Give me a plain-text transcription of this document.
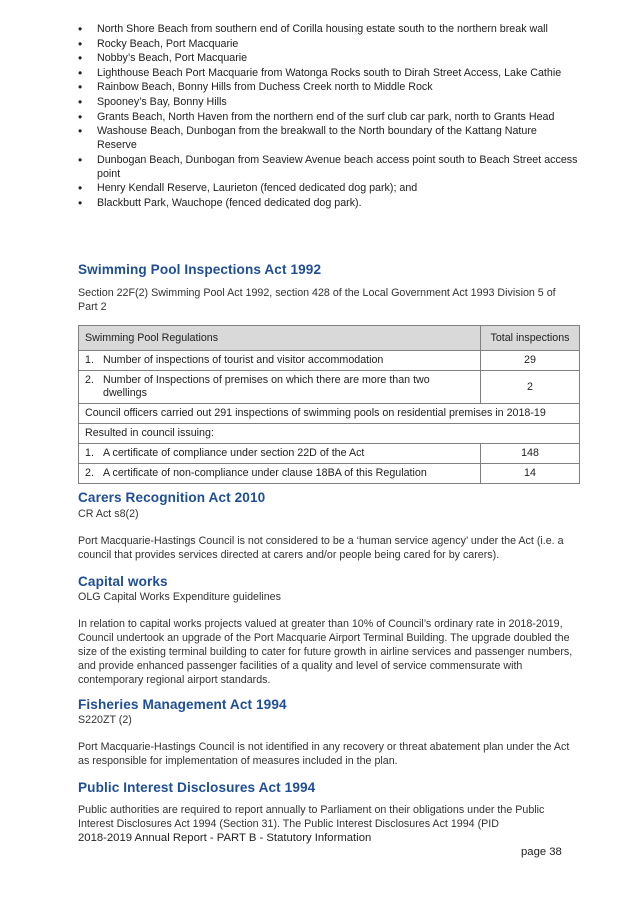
• North Shore Beach from southern end of Corilla housing estate south to the northern break wall
• Rocky Beach, Port Macquarie
• Nobby’s Beach, Port Macquarie
• Lighthouse Beach Port Macquarie from Watonga Rocks south to Dirah Street Access, Lake Cathie
• Rainbow Beach, Bonny Hills from Duchess Creek north to Middle Rock
• Spooney’s Bay, Bonny Hills
• Grants Beach, North Haven from the northern end of the surf club car park, north to Grants Head
• Washouse Beach, Dunbogan from the breakwall to the North boundary of the Kattang Nature Reserve
• Dunbogan Beach, Dunbogan from Seaview Avenue beach access point south to Beach Street access point
• Henry Kendall Reserve, Laurieton (fenced dedicated dog park); and
• Blackbutt Park, Wauchope (fenced dedicated dog park).
Swimming Pool Inspections Act 1992

Section 22F(2) Swimming Pool Act 1992, section 428 of the Local Government Act 1993 Division 5 of Part 2

Swimming Pool Regulations	Total inspections
1. Number of inspections of tourist and visitor accommodation	29
2. Number of Inspections of premises on which there are more than two dwellings	2
Council officers carried out 291 inspections of swimming pools on residential premises in 2018-19	
Resulted in council issuing:	
1. A certificate of compliance under section 22D of the Act	148
2. A certificate of non-compliance under clause 18BA of this Regulation	14
Carers Recognition Act 2010

CR Act s8(2)

Port Macquarie-Hastings Council is not considered to be a ‘human service agency’ under the Act (i.e. a council that provides services directed at carers and/or people being cared for by carers).

Capital works

OLG Capital Works Expenditure guidelines

In relation to capital works projects valued at greater than 10% of Council’s ordinary rate in 2018-2019, Council undertook an upgrade of the Port Macquarie Airport Terminal Building. The upgrade doubled the size of the existing terminal building to cater for future growth in airline services and passenger numbers, and provide enhanced passenger facilities of a quality and level of service commensurate with contemporary regional airport standards.

Fisheries Management Act 1994

S220ZT (2)

Port Macquarie-Hastings Council is not identified in any recovery or threat abatement plan under the Act as responsible for implementation of measures included in the plan.

Public Interest Disclosures Act 1994

Public authorities are required to report annually to Parliament on their obligations under the Public Interest Disclosures Act 1994 (Section 31). The Public Interest Disclosures Act 1994 (PID

2018-2019 Annual Report - PART B - Statutory Information

page 38
